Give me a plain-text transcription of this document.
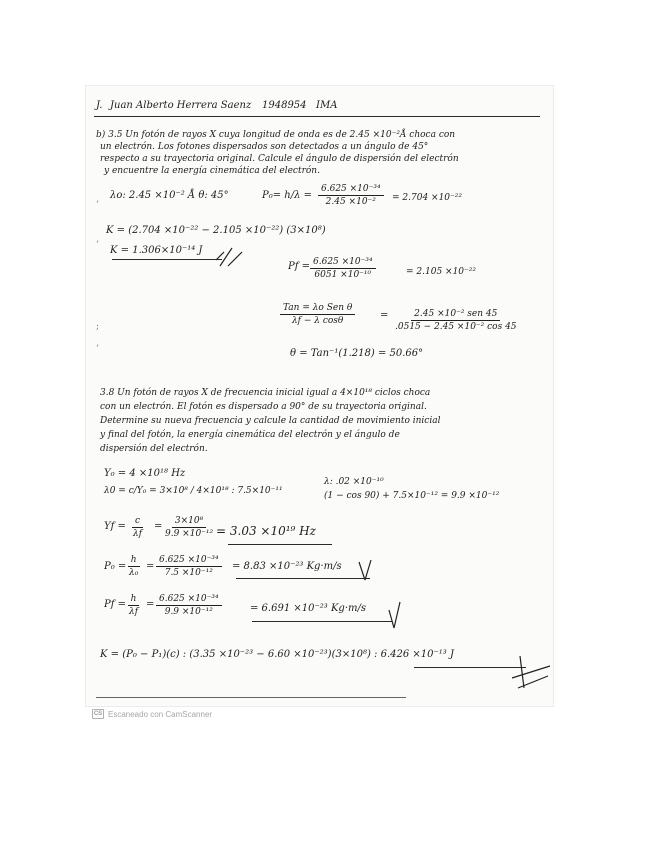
J. Juan Alberto Herrera Saenz 1948954 IMA
b) 3.5 Un fotón de rayos X cuya longitud de onda es de 2.45 ×10⁻²Å choca con
un electrón. Los fotones dispersados son detectados a un ángulo de 45°
respecto a su trayectoria original. Calcule el ángulo de dispersión del electrón
y encuentre la energía cinemática del electrón.
λo: 2.45 ×10⁻² Å θ: 45°	$P_0= h/\lambda = \frac{\text{6.625 ×10⁻³⁴}}{\text{2.45 ×10⁻²}} = 2.704 \times 10^{-22}$
K = (2.704 ×10⁻²² − 2.105 ×10⁻²²) (3×10⁸)
K = 1.306×10⁻¹⁴ J
$Pf = \frac{\text{6.625 ×10⁻³⁴}}{\text{6051 ×10⁻¹⁰}}$	= 2.105 ×10⁻²²
Tan = λo Sen θ
λf − λ cosθ	=	2.45 ×10⁻² sen 45
.0515 − 2.45 ×10⁻² cos 45
θ = Tan⁻¹(1.218) = 50.66°
‘
‘
;
‘
3.8 Un fotón de rayos X de frecuencia inicial igual a 4×10¹⁸ ciclos choca
con un electrón. El fotón es dispersado a 90° de su trayectoria original.
Determine su nueva frecuencia y calcule la cantidad de movimiento inicial
y final del fotón, la energía cinemática del electrón y el ángulo de
dispersión del electrón.
Y₀ = 4 ×10¹⁸ Hz
λ0 = c/Y₀ = 3×10⁸ / 4×10¹⁸ : 7.5×10⁻¹¹
λ: .02 ×10⁻¹⁰
(1 − cos 90) + 7.5×10⁻¹² = 9.9 ×10⁻¹²
$Yf = \frac{c}{\lambda f} = \frac{\text{3×10⁸}}{\text{9.9 ×10⁻¹²}} = 3.03 \times 10^{19}$ Hz
$P_0 = \frac{h}{\text{λ₀}} = \frac{\text{6.625 ×10⁻³⁴}}{\text{7.5 ×10⁻¹²}} = 8.83 \times 10^{-23}$ Kg·m/s
$Pf = \frac{h}{\lambda f} = \frac{\text{6.625 ×10⁻³⁴}}{\text{9.9 ×10⁻¹²}}$	= 6.691 ×10⁻²³ Kg·m/s
K = (P₀ − P₁)(c) : (3.35 ×10⁻²³ − 6.60 ×10⁻²³)(3×10⁸) : 6.426 ×10⁻¹³ J
CS Escaneado con CamScanner
